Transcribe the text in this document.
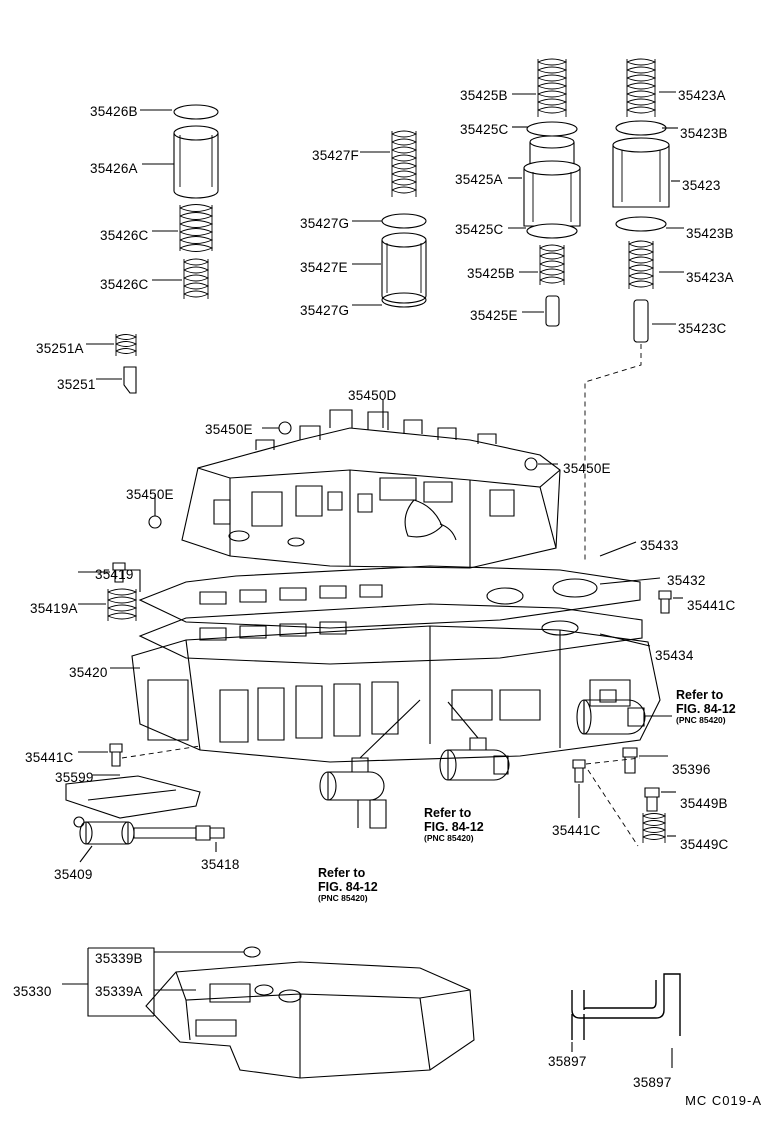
35426B
35426A
35426C
35426C
35427F
35427G
35427E
35427G
35425B
35425C
35425A
35425C
35425B
35425E
35423A
35423B
35423
35423B
35423A
35423C
35251A
35251
35450D
35450E
35450E
35450E
35433
35432
35441C
35434
35419
35419A
35420
35441C
35599
35409
35418
35396
35449B
35449C
35441C
35339B
35330	35339A
35897
35897
Refer to
FIG. 84-12
(PNC 85420)
Refer to
FIG. 84-12
(PNC 85420)
Refer to
FIG. 84-12
(PNC 85420)
MC C019-A
